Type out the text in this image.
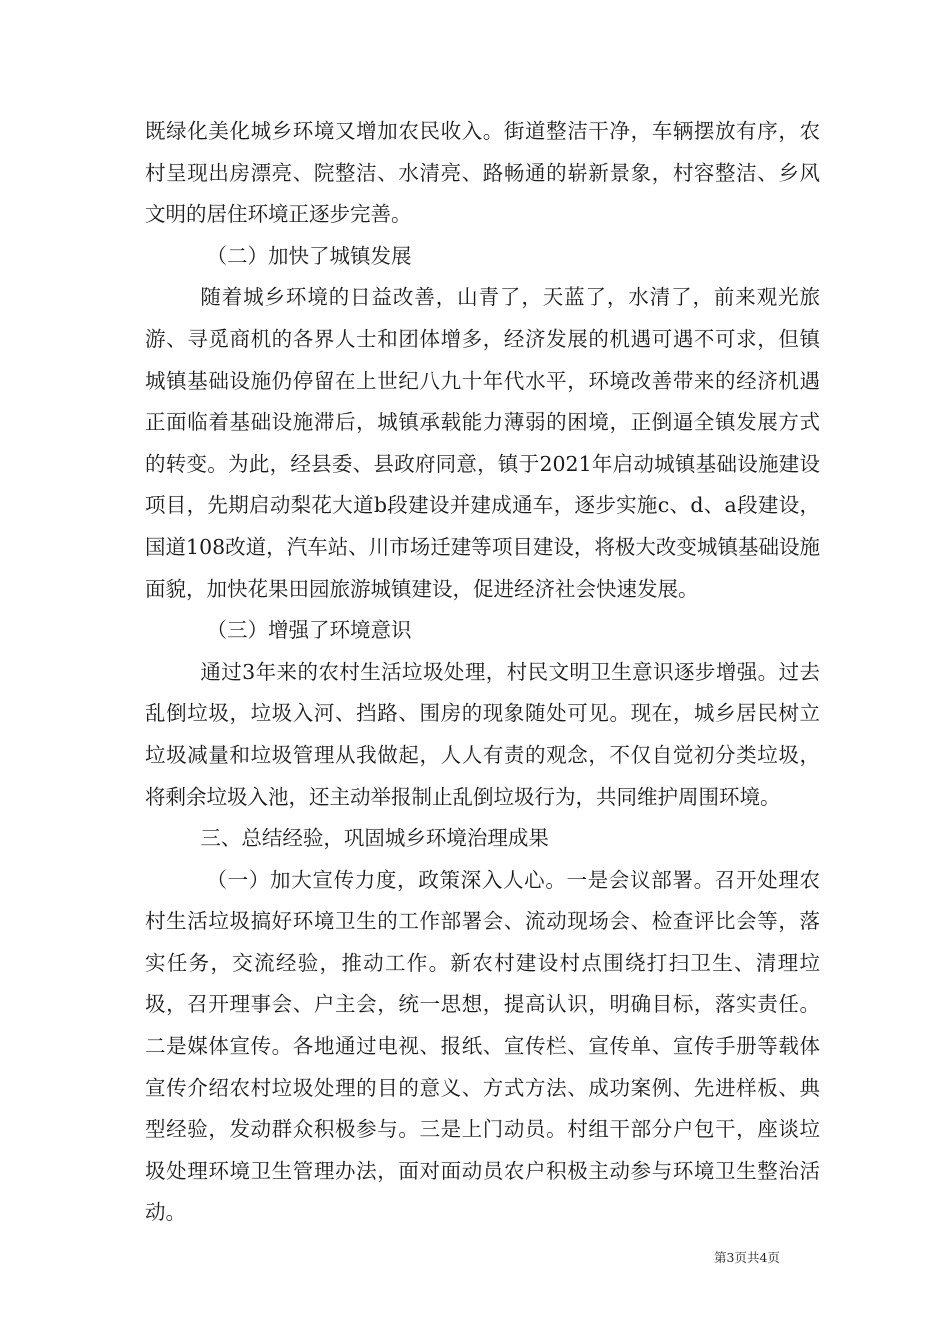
既绿化美化城乡环境又增加农民收入。街道整洁干净，车辆摆放有序，农村呈现出房漂亮、院整洁、水清亮、路畅通的崭新景象，村容整洁、乡风文明的居住环境正逐步完善。

（二）加快了城镇发展

随着城乡环境的日益改善，山青了，天蓝了，水清了，前来观光旅游、寻觅商机的各界人士和团体增多，经济发展的机遇可遇不可求，但镇城镇基础设施仍停留在上世纪八九十年代水平，环境改善带来的经济机遇正面临着基础设施滞后，城镇承载能力薄弱的困境，正倒逼全镇发展方式的转变。为此，经县委、县政府同意，镇于2021年启动城镇基础设施建设项目，先期启动梨花大道b段建设并建成通车，逐步实施c、d、a段建设，国道108改道，汽车站、川市场迁建等项目建设，将极大改变城镇基础设施面貌，加快花果田园旅游城镇建设，促进经济社会快速发展。

（三）增强了环境意识

通过3年来的农村生活垃圾处理，村民文明卫生意识逐步增强。过去乱倒垃圾，垃圾入河、挡路、围房的现象随处可见。现在，城乡居民树立垃圾减量和垃圾管理从我做起，人人有责的观念，不仅自觉初分类垃圾，将剩余垃圾入池，还主动举报制止乱倒垃圾行为，共同维护周围环境。

三、总结经验，巩固城乡环境治理成果

（一）加大宣传力度，政策深入人心。一是会议部署。召开处理农村生活垃圾搞好环境卫生的工作部署会、流动现场会、检查评比会等，落实任务，交流经验，推动工作。新农村建设村点围绕打扫卫生、清理垃圾，召开理事会、户主会，统一思想，提高认识，明确目标，落实责任。二是媒体宣传。各地通过电视、报纸、宣传栏、宣传单、宣传手册等载体宣传介绍农村垃圾处理的目的意义、方式方法、成功案例、先进样板、典型经验，发动群众积极参与。三是上门动员。村组干部分户包干，座谈垃圾处理环境卫生管理办法，面对面动员农户积极主动参与环境卫生整治活动。

第3页共4页
